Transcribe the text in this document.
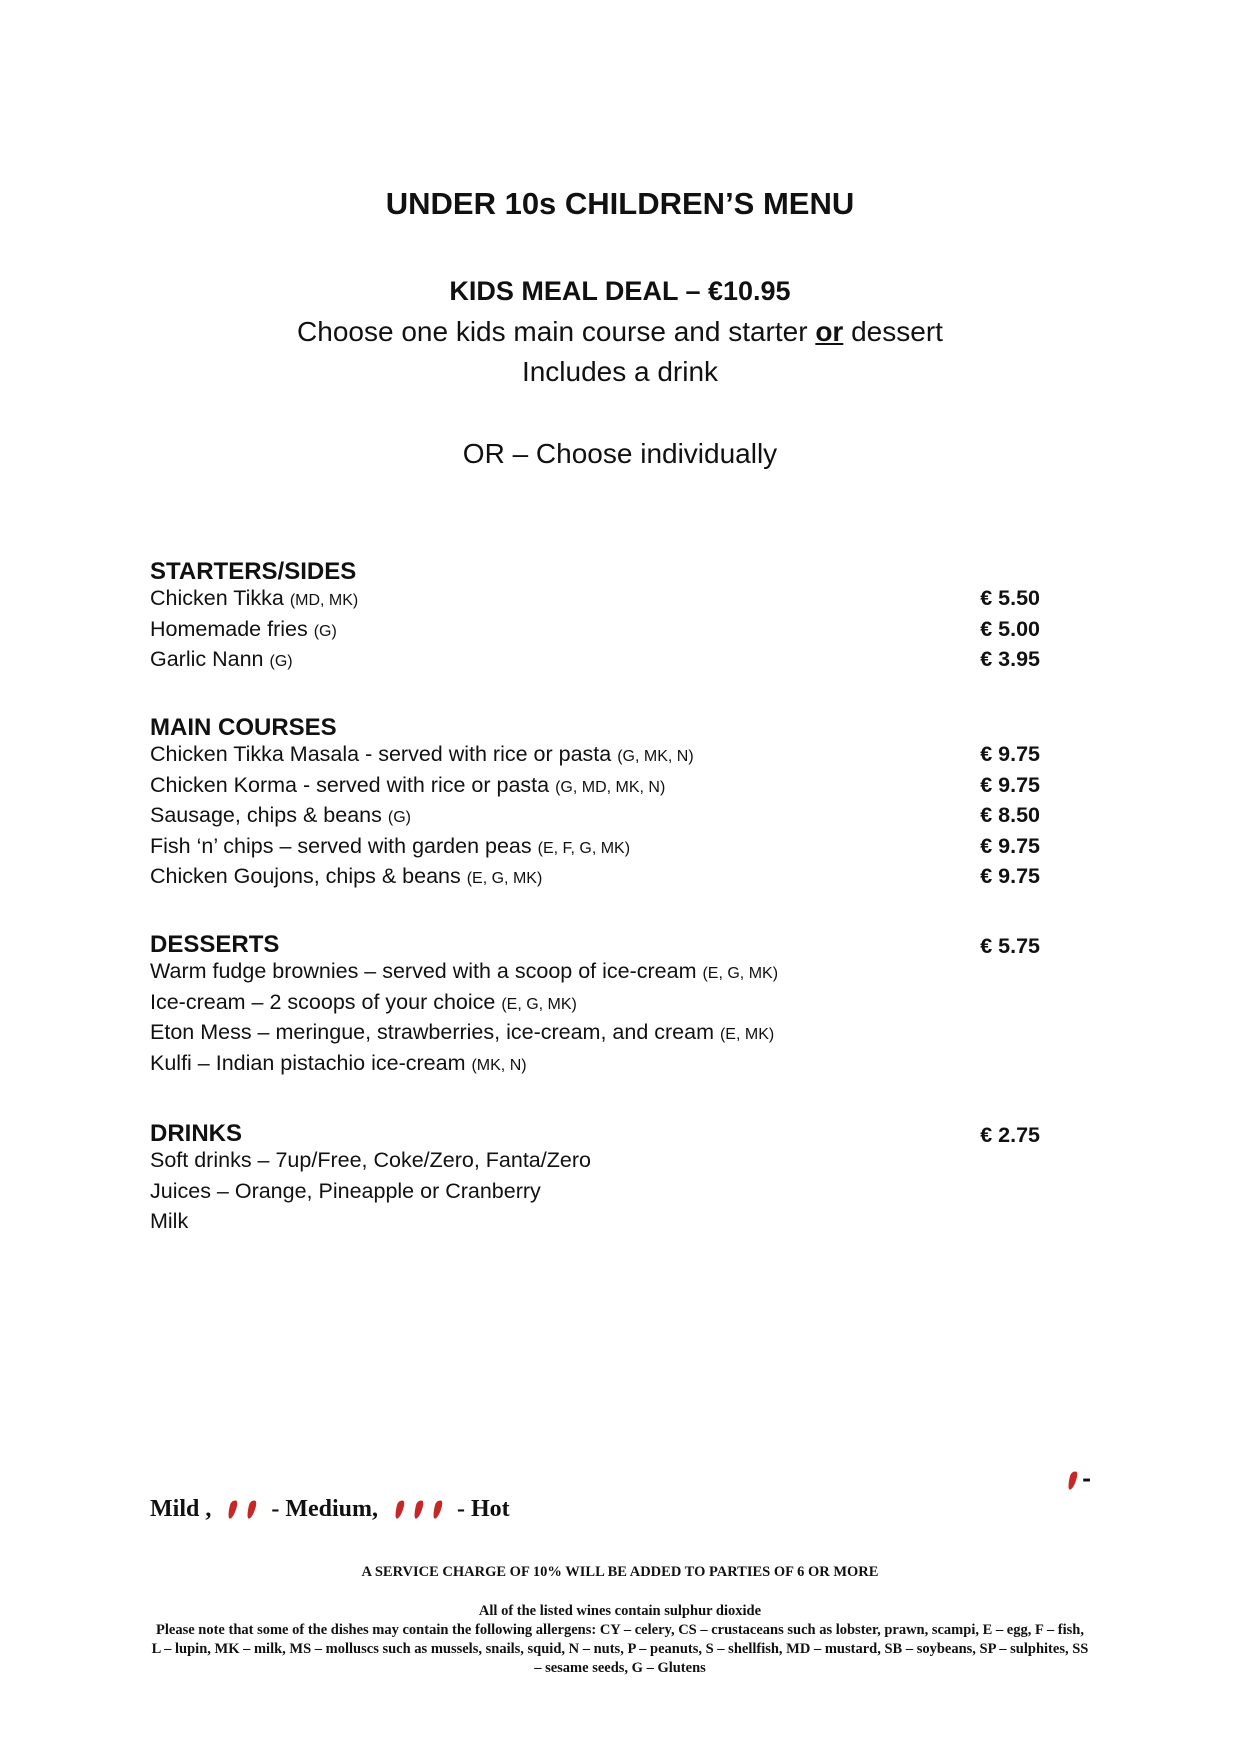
UNDER 10s CHILDREN’S MENU
KIDS MEAL DEAL – €10.95
Choose one kids main course and starter or dessert
Includes a drink
OR – Choose individually
STARTERS/SIDES
Chicken Tikka (MD, MK)	€ 5.50
Homemade fries (G)	€ 5.00
Garlic Nann (G)	€ 3.95
MAIN COURSES
Chicken Tikka Masala - served with rice or pasta (G, MK, N)	€ 9.75
Chicken Korma - served with rice or pasta (G, MD, MK, N)	€ 9.75
Sausage, chips & beans (G)	€ 8.50
Fish ‘n’ chips – served with garden peas (E, F, G, MK)	€ 9.75
Chicken Goujons, chips & beans (E, G, MK)	€ 9.75
DESSERTS	€ 5.75
Warm fudge brownies – served with a scoop of ice-cream (E, G, MK)
Ice-cream – 2 scoops of your choice (E, G, MK)
Eton Mess – meringue, strawberries, ice-cream, and cream (E, MK)
Kulfi – Indian pistachio ice-cream (MK, N)
DRINKS	€ 2.75
Soft drinks – 7up/Free, Coke/Zero, Fanta/Zero
Juices – Orange, Pineapple or Cranberry
Milk
-
Mild ,	- Medium,	- Hot
A SERVICE CHARGE OF 10% WILL BE ADDED TO PARTIES OF 6 OR MORE
All of the listed wines contain sulphur dioxide
Please note that some of the dishes may contain the following allergens: CY – celery, CS – crustaceans such as lobster, prawn, scampi, E – egg, F – fish, L – lupin, MK – milk, MS – molluscs such as mussels, snails, squid, N – nuts, P – peanuts, S – shellfish, MD – mustard, SB – soybeans, SP – sulphites, SS – sesame seeds, G – Glutens
